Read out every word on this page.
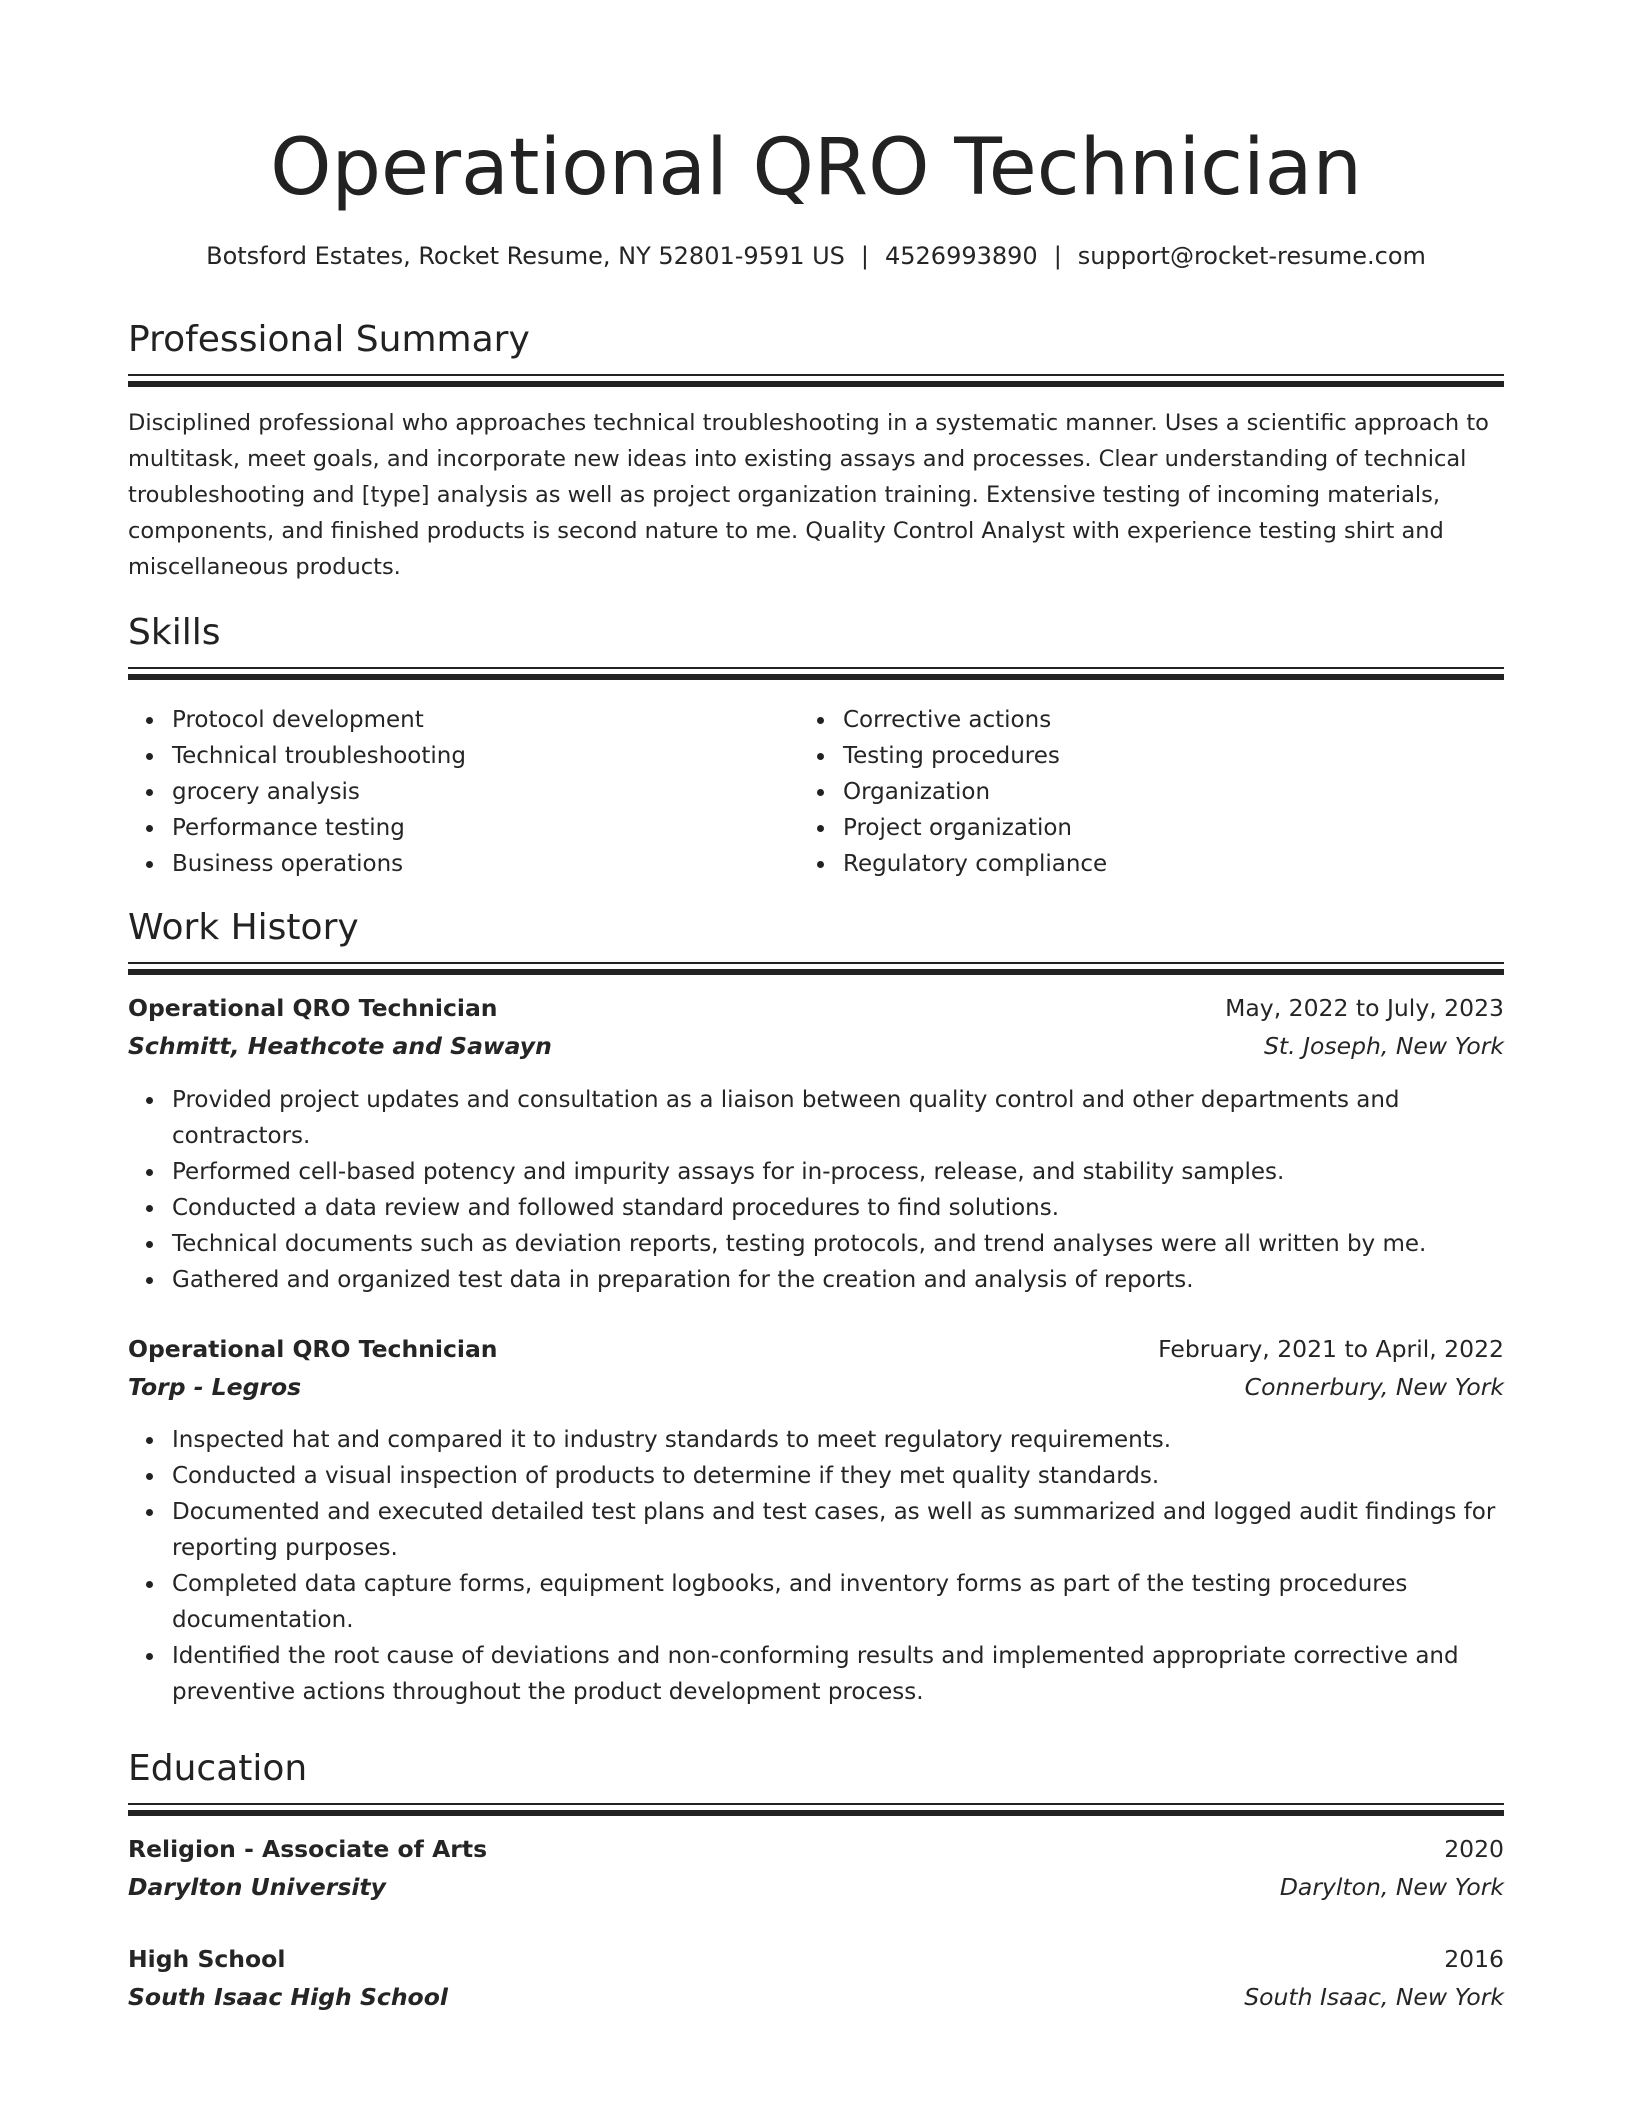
Operational QRO Technician
Botsford Estates, Rocket Resume, NY 52801-9591 US | 4526993890 | support@rocket-resume.com
Professional Summary

Disciplined professional who approaches technical troubleshooting in a systematic manner. Uses a scientific approach to multitask, meet goals, and incorporate new ideas into existing assays and processes. Clear understanding of technical troubleshooting and [type] analysis as well as project organization training. Extensive testing of incoming materials, components, and finished products is second nature to me. Quality Control Analyst with experience testing shirt and miscellaneous products.

Skills
Protocol development
Technical troubleshooting
grocery analysis
Performance testing
Business operations
Corrective actions
Testing procedures
Organization
Project organization
Regulatory compliance
Work History
Operational QRO Technician	May, 2022 to July, 2023
Schmitt, Heathcote and Sawayn	St. Joseph, New York
Provided project updates and consultation as a liaison between quality control and other departments and contractors.
Performed cell-based potency and impurity assays for in-process, release, and stability samples.
Conducted a data review and followed standard procedures to find solutions.
Technical documents such as deviation reports, testing protocols, and trend analyses were all written by me.
Gathered and organized test data in preparation for the creation and analysis of reports.
Operational QRO Technician	February, 2021 to April, 2022
Torp - Legros	Connerbury, New York
Inspected hat and compared it to industry standards to meet regulatory requirements.
Conducted a visual inspection of products to determine if they met quality standards.
Documented and executed detailed test plans and test cases, as well as summarized and logged audit findings for reporting purposes.
Completed data capture forms, equipment logbooks, and inventory forms as part of the testing procedures documentation.
Identified the root cause of deviations and non-conforming results and implemented appropriate corrective and preventive actions throughout the product development process.
Education
Religion - Associate of Arts	2020
Darylton University	Darylton, New York
High School	2016
South Isaac High School	South Isaac, New York
